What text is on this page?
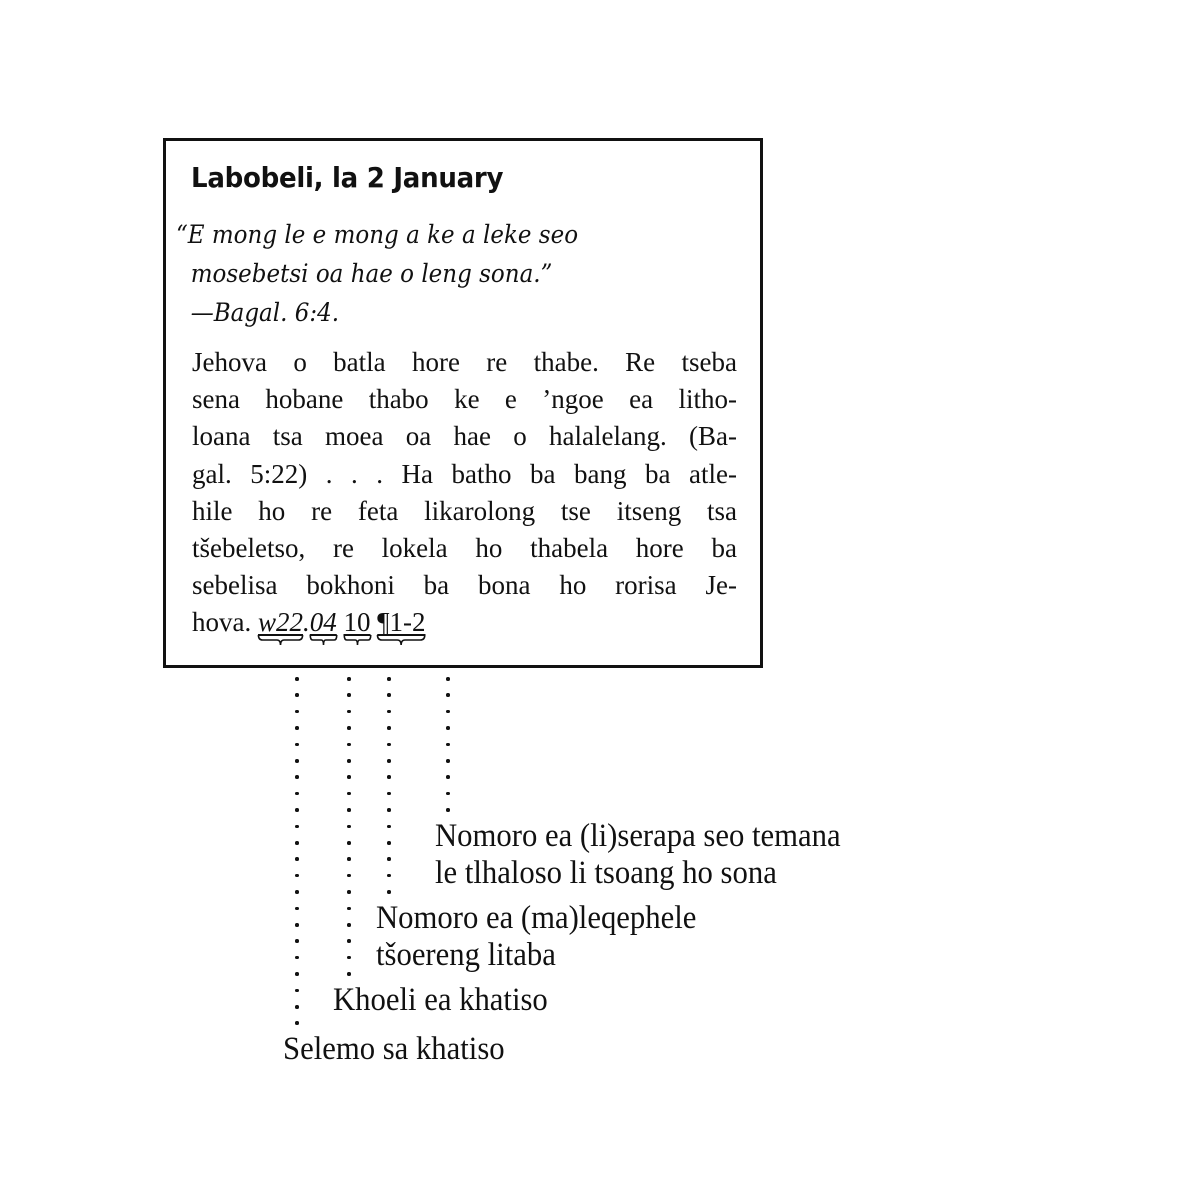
Labobeli, la 2 January
“E mong le e mong a ke a leke seo
mosebetsi oa hae o leng sona.”
—Bagal. 6:4.
Jehova o batla hore re thabe. Re tseba
sena hobane thabo ke e ’ngoe ea litho-
loana tsa moea oa hae o halalelang. (Ba-
gal. 5:22) . . . Ha batho ba bang ba atle-
hile ho re feta likarolong tse itseng tsa
tšebeletso, re lokela ho thabela hore ba
sebelisa bokhoni ba bona ho rorisa Je-
hova. w22
.04 10 ¶1-2
Nomoro ea (li)serapa seo temana
le tlhaloso li tsoang ho sona
Nomoro ea (ma)leqephele
tšoereng litaba
Khoeli ea khatiso
Selemo sa khatiso
